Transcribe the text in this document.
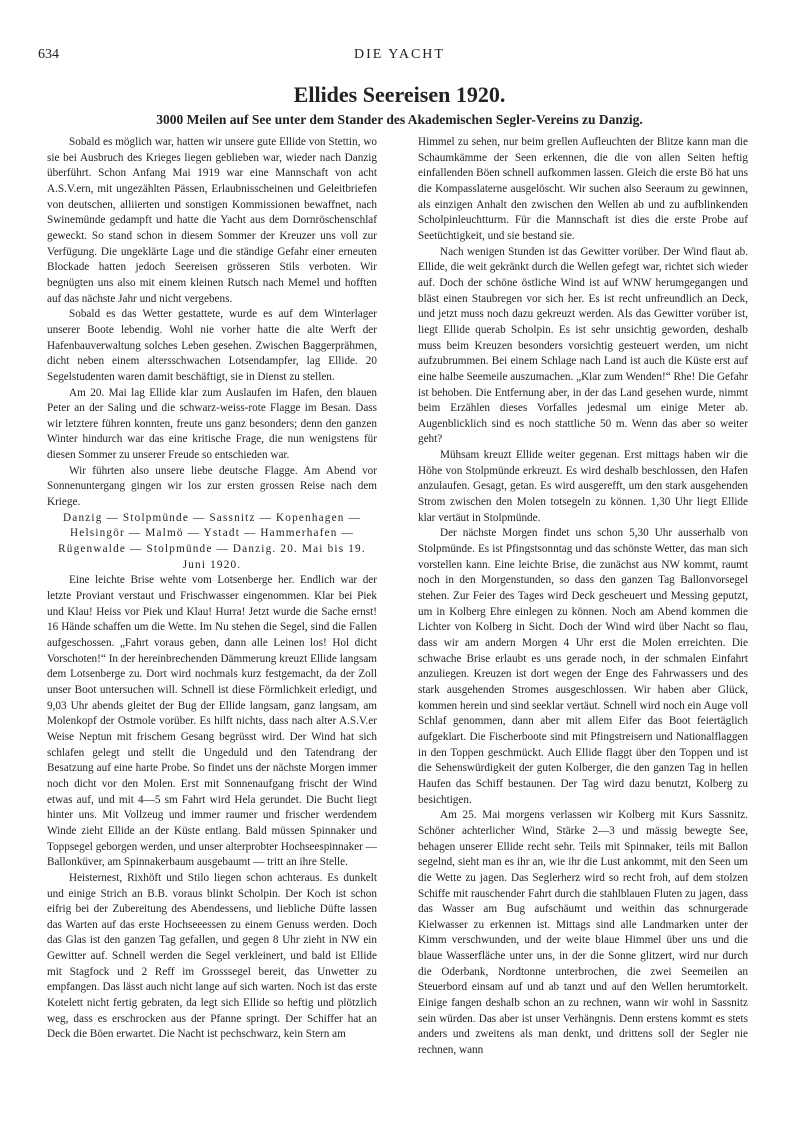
634	DIE YACHT
Ellides Seereisen 1920.
3000 Meilen auf See unter dem Stander des Akademischen Segler-Vereins zu Danzig.

Sobald es möglich war, hatten wir unsere gute Ellide von Stettin, wo sie bei Ausbruch des Krieges liegen geblieben war, wieder nach Danzig überführt. Schon Anfang Mai 1919 war eine Mannschaft von acht A.S.V.ern, mit ungezählten Pässen, Erlaubnisscheinen und Geleitbriefen von deutschen, alliierten und sonstigen Kommissionen bewaffnet, nach Swinemünde gedampft und hatte die Yacht aus dem Dornröschenschlaf geweckt. So stand schon in diesem Sommer der Kreuzer uns voll zur Verfügung. Die ungeklärte Lage und die ständige Gefahr einer erneuten Blockade hatten jedoch Seereisen grösseren Stils verboten. Wir begnügten uns also mit einem kleinen Rutsch nach Memel und hofften auf das nächste Jahr und nicht vergebens.

Sobald es das Wetter gestattete, wurde es auf dem Winterlager unserer Boote lebendig. Wohl nie vorher hatte die alte Werft der Hafenbauverwaltung solches Leben gesehen. Zwischen Baggerprähmen, dicht neben einem altersschwachen Lotsendampfer, lag Ellide. 20 Segelstudenten waren damit beschäftigt, sie in Dienst zu stellen.

Am 20. Mai lag Ellide klar zum Auslaufen im Hafen, den blauen Peter an der Saling und die schwarz-weiss-rote Flagge im Besan. Dass wir letztere führen konnten, freute uns ganz besonders; denn den ganzen Winter hindurch war das eine kritische Frage, die nun wenigstens für diesen Sommer zu unserer Freude so entschieden war.

Wir führten also unsere liebe deutsche Flagge. Am Abend vor Sonnenuntergang gingen wir los zur ersten grossen Reise nach dem Kriege.

Danzig — Stolpmünde — Sassnitz — Kopenhagen — Helsingör — Malmö — Ystadt — Hammerhafen — Rügenwalde — Stolpmünde — Danzig. 20. Mai bis 19. Juni 1920.

Eine leichte Brise wehte vom Lotsenberge her. Endlich war der letzte Proviant verstaut und Frischwasser eingenommen. Klar bei Piek und Klau! Heiss vor Piek und Klau! Hurra! Jetzt wurde die Sache ernst! 16 Hände schaffen um die Wette. Im Nu stehen die Segel, sind die Fallen aufgeschossen. „Fahrt voraus geben, dann alle Leinen los! Hol dicht Vorschoten!“ In der hereinbrechenden Dämmerung kreuzt Ellide langsam dem Lotsenberge zu. Dort wird nochmals kurz festgemacht, da der Zoll unser Boot untersuchen will. Schnell ist diese Förmlichkeit erledigt, und 9,03 Uhr abends gleitet der Bug der Ellide langsam, ganz langsam, am Molenkopf der Ostmole vorüber. Es hilft nichts, dass nach alter A.S.V.er Weise Neptun mit frischem Gesang begrüsst wird. Der Wind hat sich schlafen gelegt und stellt die Ungeduld und den Tatendrang der Besatzung auf eine harte Probe. So findet uns der nächste Morgen immer noch dicht vor den Molen. Erst mit Sonnenaufgang frischt der Wind etwas auf, und mit 4—5 sm Fahrt wird Hela gerundet. Die Bucht liegt hinter uns. Mit Vollzeug und immer raumer und frischer werdendem Winde zieht Ellide an der Küste entlang. Bald müssen Spinnaker und Toppsegel geborgen werden, und unser alterprobter Hochseespinnaker — Ballonküver, am Spinnakerbaum ausgebaumt — tritt an ihre Stelle.

Heisternest, Rixhöft und Stilo liegen schon achteraus. Es dunkelt und einige Strich an B.B. voraus blinkt Scholpin. Der Koch ist schon eifrig bei der Zubereitung des Abendessens, und liebliche Düfte lassen das Warten auf das erste Hochseeessen zu einem Genuss werden. Doch das Glas ist den ganzen Tag gefallen, und gegen 8 Uhr zieht in NW ein Gewitter auf. Schnell werden die Segel verkleinert, und bald ist Ellide mit Stagfock und 2 Reff im Grosssegel bereit, das Unwetter zu empfangen. Das lässt auch nicht lange auf sich warten. Noch ist das erste Kotelett nicht fertig gebraten, da legt sich Ellide so heftig und plötzlich weg, dass es erschrocken aus der Pfanne springt. Der Schiffer hat an Deck die Böen erwartet. Die Nacht ist pechschwarz, kein Stern am

Himmel zu sehen, nur beim grellen Aufleuchten der Blitze kann man die Schaumkämme der Seen erkennen, die die von allen Seiten heftig einfallenden Böen schnell aufkommen lassen. Gleich die erste Bö hat uns die Kompasslaterne ausgelöscht. Wir suchen also Seeraum zu gewinnen, als einzigen Anhalt den zwischen den Wellen ab und zu aufblinkenden Scholpinleuchtturm. Für die Mannschaft ist dies die erste Probe auf Seetüchtigkeit, und sie bestand sie.

Nach wenigen Stunden ist das Gewitter vorüber. Der Wind flaut ab. Ellide, die weit gekränkt durch die Wellen gefegt war, richtet sich wieder auf. Doch der schöne östliche Wind ist auf WNW herumgegangen und bläst einen Staubregen vor sich her. Es ist recht unfreundlich an Deck, und jetzt muss noch dazu gekreuzt werden. Als das Gewitter vorüber ist, liegt Ellide querab Scholpin. Es ist sehr unsichtig geworden, deshalb muss beim Kreuzen besonders vorsichtig gesteuert werden, um nicht aufzubrummen. Bei einem Schlage nach Land ist auch die Küste erst auf eine halbe Seemeile auszumachen. „Klar zum Wenden!“ Rhe! Die Gefahr ist behoben. Die Entfernung aber, in der das Land gesehen wurde, nimmt beim Erzählen dieses Vorfalles jedesmal um einige Meter ab. Augenblicklich sind es noch stattliche 50 m. Wenn das aber so weiter geht?

Mühsam kreuzt Ellide weiter gegenan. Erst mittags haben wir die Höhe von Stolpmünde erkreuzt. Es wird deshalb beschlossen, den Hafen anzulaufen. Gesagt, getan. Es wird ausgerefft, um den stark ausgehenden Strom zwischen den Molen totsegeln zu können. 1,30 Uhr liegt Ellide klar vertäut in Stolpmünde.

Der nächste Morgen findet uns schon 5,30 Uhr ausserhalb von Stolpmünde. Es ist Pfingstsonntag und das schönste Wetter, das man sich vorstellen kann. Eine leichte Brise, die zunächst aus NW kommt, raumt noch in den Morgenstunden, so dass den ganzen Tag Ballonvorsegel stehen. Zur Feier des Tages wird Deck gescheuert und Messing geputzt, um in Kolberg Ehre einlegen zu können. Noch am Abend kommen die Lichter von Kolberg in Sicht. Doch der Wind wird über Nacht so flau, dass wir am andern Morgen 4 Uhr erst die Molen erreichten. Die schwache Brise erlaubt es uns gerade noch, in der schmalen Einfahrt anzuliegen. Kreuzen ist dort wegen der Enge des Fahrwassers und des stark ausgehenden Stromes ausgeschlossen. Wir haben aber Glück, kommen herein und sind seeklar vertäut. Schnell wird noch ein Auge voll Schlaf genommen, dann aber mit allem Eifer das Boot feiertäglich aufgeklart. Die Fischerboote sind mit Pfingstreisern und Nationalflaggen in den Toppen geschmückt. Auch Ellide flaggt über den Toppen und ist die Sehenswürdigkeit der guten Kolberger, die den ganzen Tag in hellen Haufen das Schiff bestaunen. Der Tag wird dazu benutzt, Kolberg zu besichtigen.

Am 25. Mai morgens verlassen wir Kolberg mit Kurs Sassnitz. Schöner achterlicher Wind, Stärke 2—3 und mässig bewegte See, behagen unserer Ellide recht sehr. Teils mit Spinnaker, teils mit Ballon segelnd, sieht man es ihr an, wie ihr die Lust ankommt, mit den Seen um die Wette zu jagen. Das Seglerherz wird so recht froh, auf dem stolzen Schiffe mit rauschender Fahrt durch die stahlblauen Fluten zu jagen, dass das Wasser am Bug aufschäumt und weithin das schnurgerade Kielwasser zu erkennen ist. Mittags sind alle Landmarken unter der Kimm verschwunden, und der weite blaue Himmel über uns und die blaue Wasserfläche unter uns, in der die Sonne glitzert, wird nur durch die Oderbank, Nordtonne unterbrochen, die zwei Seemeilen an Steuerbord einsam auf und ab tanzt und auf den Wellen herumtorkelt. Einige fangen deshalb schon an zu rechnen, wann wir wohl in Sassnitz sein würden. Das aber ist unser Verhängnis. Denn erstens kommt es stets anders und zweitens als man denkt, und drittens soll der Segler nie rechnen, wann
